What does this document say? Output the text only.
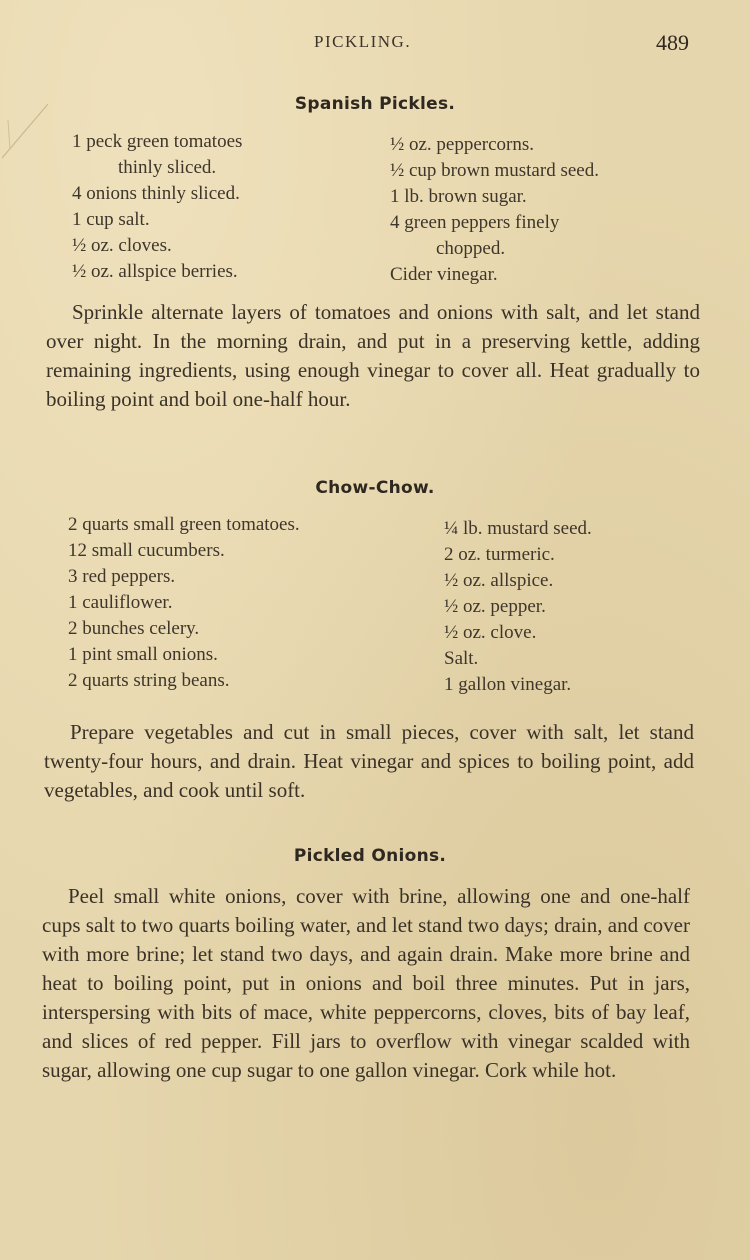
PICKLING.	489
Spanish Pickles.
1 peck green tomatoes
thinly sliced.
4 onions thinly sliced.
1 cup salt.
½ oz. cloves.
½ oz. allspice berries.
½ oz. peppercorns.
½ cup brown mustard seed.
1 lb. brown sugar.
4 green peppers finely
chopped.
Cider vinegar.

Sprinkle alternate layers of tomatoes and onions with salt, and let stand over night. In the morning drain, and put in a preserving kettle, adding remaining ingredients, using enough vinegar to cover all. Heat gradually to boiling point and boil one-half hour.

Chow-Chow.
2 quarts small green tomatoes.
12 small cucumbers.
3 red peppers.
1 cauliflower.
2 bunches celery.
1 pint small onions.
2 quarts string beans.
¼ lb. mustard seed.
2 oz. turmeric.
½ oz. allspice.
½ oz. pepper.
½ oz. clove.
Salt.
1 gallon vinegar.

Prepare vegetables and cut in small pieces, cover with salt, let stand twenty-four hours, and drain. Heat vinegar and spices to boiling point, add vegetables, and cook until soft.

Pickled Onions.

Peel small white onions, cover with brine, allowing one and one-half cups salt to two quarts boiling water, and let stand two days; drain, and cover with more brine; let stand two days, and again drain. Make more brine and heat to boiling point, put in onions and boil three minutes. Put in jars, interspersing with bits of mace, white peppercorns, cloves, bits of bay leaf, and slices of red pepper. Fill jars to overflow with vinegar scalded with sugar, allowing one cup sugar to one gallon vinegar. Cork while hot.
